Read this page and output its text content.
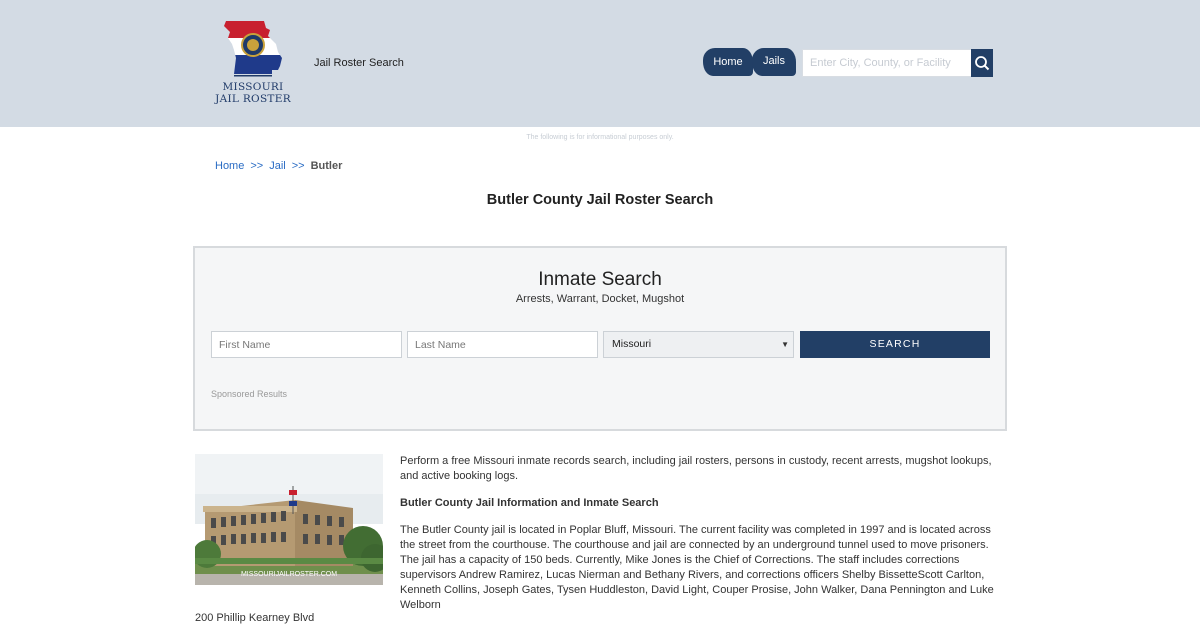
MISSOURI
JAIL ROSTER
Jail Roster Search	Home	Jails
Enter City, County, or Facility
The following is for informational purposes only.
Home >> Jail >> Butler
Butler County Jail Roster Search
Inmate Search
Arrests, Warrant, Docket, Mugshot
First Name
Last Name
Missouri	▼	SEARCH
Sponsored Results
MISSOURIJAILROSTER.COM

Perform a free Missouri inmate records search, including jail rosters, persons in custody, recent arrests, mugshot lookups, and active booking logs.

Butler County Jail Information and Inmate Search

The Butler County jail is located in Poplar Bluff, Missouri. The current facility was completed in 1997 and is located across the street from the courthouse. The courthouse and jail are connected by an underground tunnel used to move prisoners. The jail has a capacity of 150 beds. Currently, Mike Jones is the Chief of Corrections. The staff includes corrections supervisors Andrew Ramirez, Lucas Nierman and Bethany Rivers, and corrections officers Shelby BissetteScott Carlton, Kenneth Collins, Joseph Gates, Tysen Huddleston, David Light, Couper Prosise, John Walker, Dana Pennington and Luke Welborn

200 Phillip Kearney Blvd
